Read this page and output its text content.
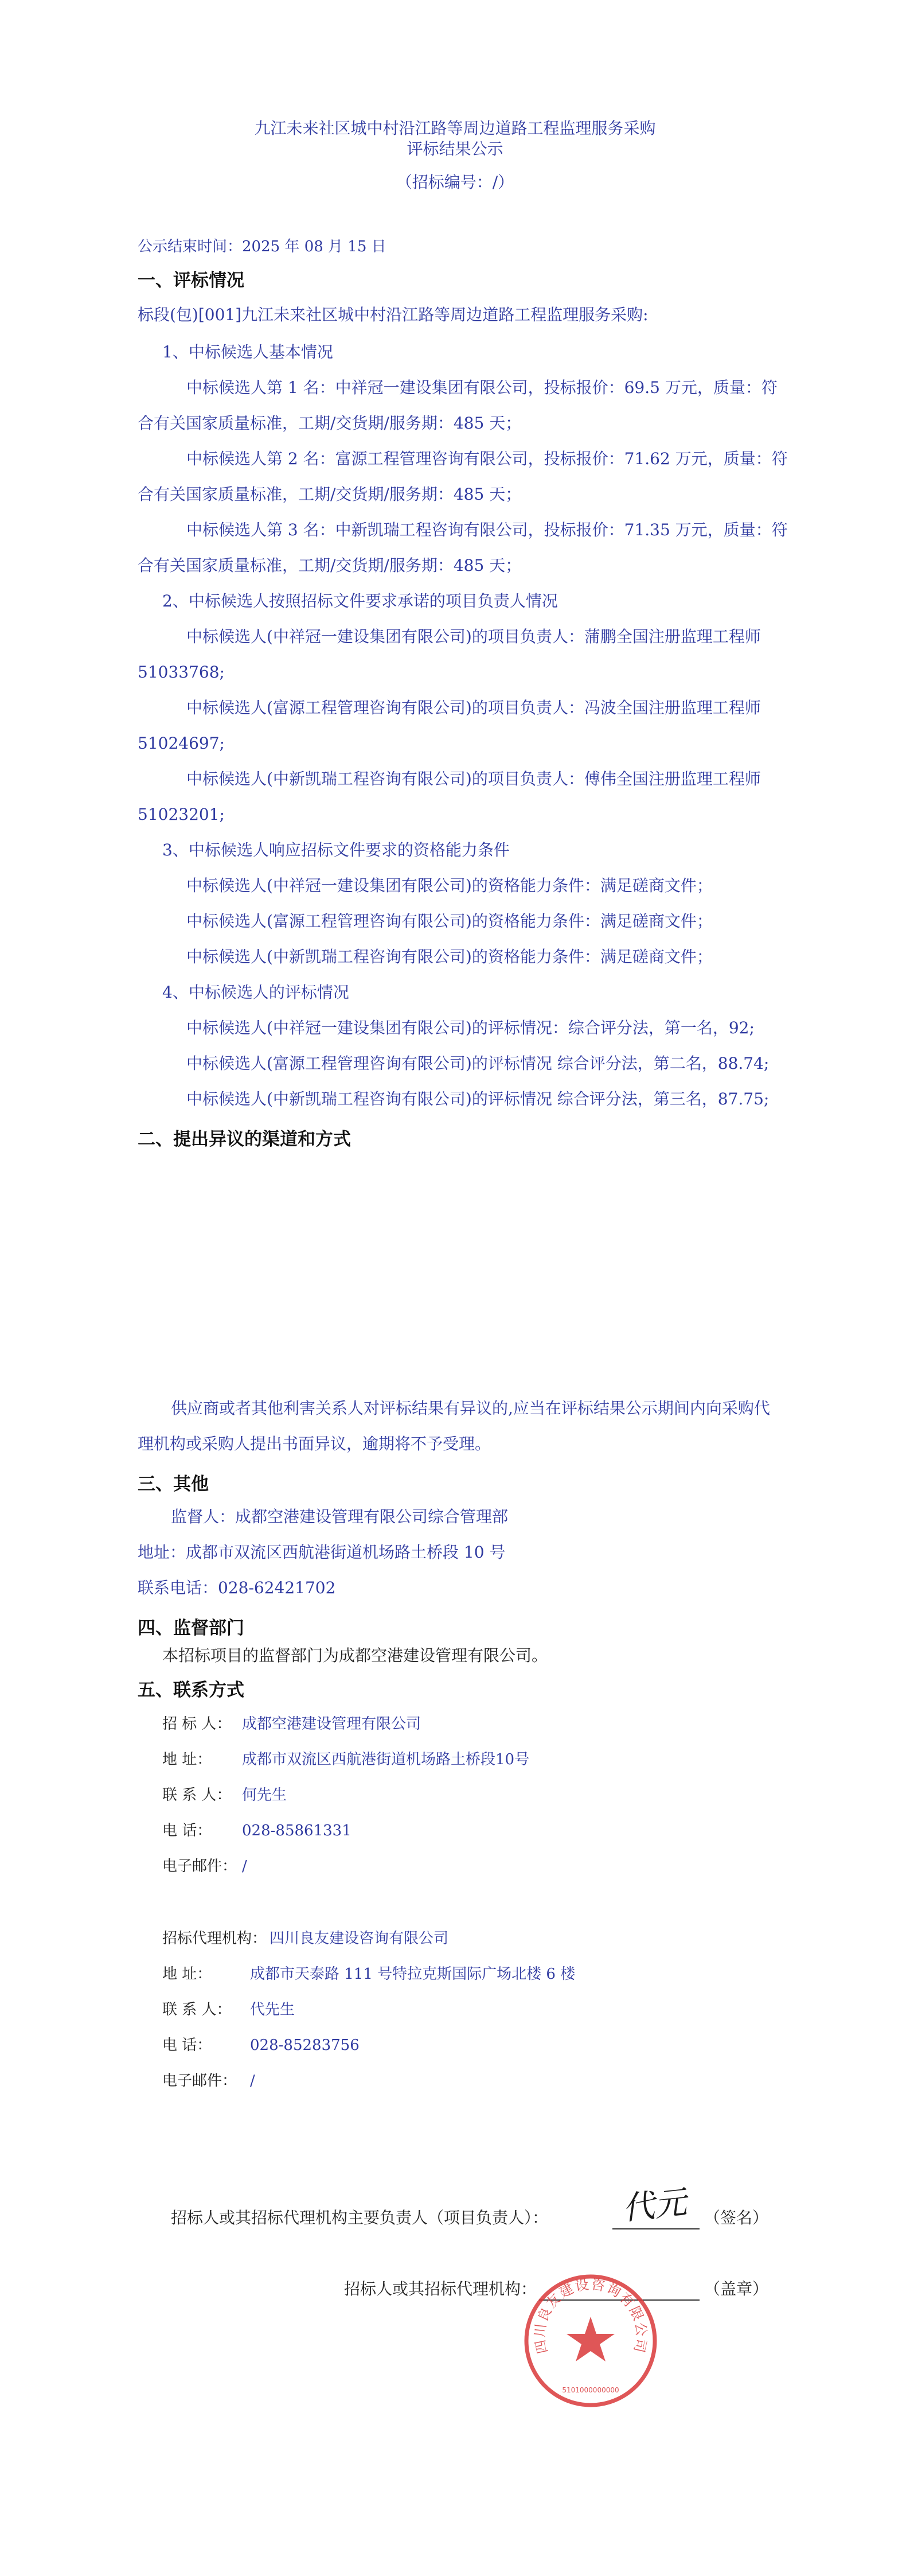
九江未来社区城中村沿江路等周边道路工程监理服务采购
评标结果公示
（招标编号：/）
公示结束时间：2025 年 08 月 15 日
一、评标情况
标段(包)[001]九江未来社区城中村沿江路等周边道路工程监理服务采购:
1、中标候选人基本情况
中标候选人第 1 名：中祥冠一建设集团有限公司，投标报价：69.5 万元，质量：符
合有关国家质量标准，工期/交货期/服务期：485 天；
中标候选人第 2 名：富源工程管理咨询有限公司，投标报价：71.62 万元，质量：符
合有关国家质量标准，工期/交货期/服务期：485 天；
中标候选人第 3 名：中新凯瑞工程咨询有限公司，投标报价：71.35 万元，质量：符
合有关国家质量标准，工期/交货期/服务期：485 天；
2、中标候选人按照招标文件要求承诺的项目负责人情况
中标候选人(中祥冠一建设集团有限公司)的项目负责人：蒲鹏全国注册监理工程师
51033768;
中标候选人(富源工程管理咨询有限公司)的项目负责人：冯波全国注册监理工程师
51024697;
中标候选人(中新凯瑞工程咨询有限公司)的项目负责人：傅伟全国注册监理工程师
51023201;
3、中标候选人响应招标文件要求的资格能力条件
中标候选人(中祥冠一建设集团有限公司)的资格能力条件：满足磋商文件；
中标候选人(富源工程管理咨询有限公司)的资格能力条件：满足磋商文件；
中标候选人(中新凯瑞工程咨询有限公司)的资格能力条件：满足磋商文件；
4、中标候选人的评标情况
中标候选人(中祥冠一建设集团有限公司)的评标情况：综合评分法，第一名，92;
中标候选人(富源工程管理咨询有限公司)的评标情况 综合评分法，第二名，88.74;
中标候选人(中新凯瑞工程咨询有限公司)的评标情况 综合评分法，第三名，87.75;
二、提出异议的渠道和方式
供应商或者其他利害关系人对评标结果有异议的,应当在评标结果公示期间内向采购代
理机构或采购人提出书面异议，逾期将不予受理。
三、其他
监督人：成都空港建设管理有限公司综合管理部
地址：成都市双流区西航港街道机场路土桥段 10 号
联系电话：028-62421702
四、监督部门
本招标项目的监督部门为成都空港建设管理有限公司。
五、联系方式
招 标 人： 成都空港建设管理有限公司
地 址： 成都市双流区西航港街道机场路土桥段10号
联 系 人： 何先生
电 话： 028-85861331
电子邮件： /
招标代理机构： 四川良友建设咨询有限公司
地 址：	成都市天泰路 111 号特拉克斯国际广场北楼 6 楼
联 系 人： 代先生
电 话：	028-85283756
电子邮件： /
招标人或其招标代理机构主要负责人（项目负责人）： 代元 （签名）
招标人或其招标代理机构：	（盖章）
四川良友建设咨询有限公司
5101000000000
